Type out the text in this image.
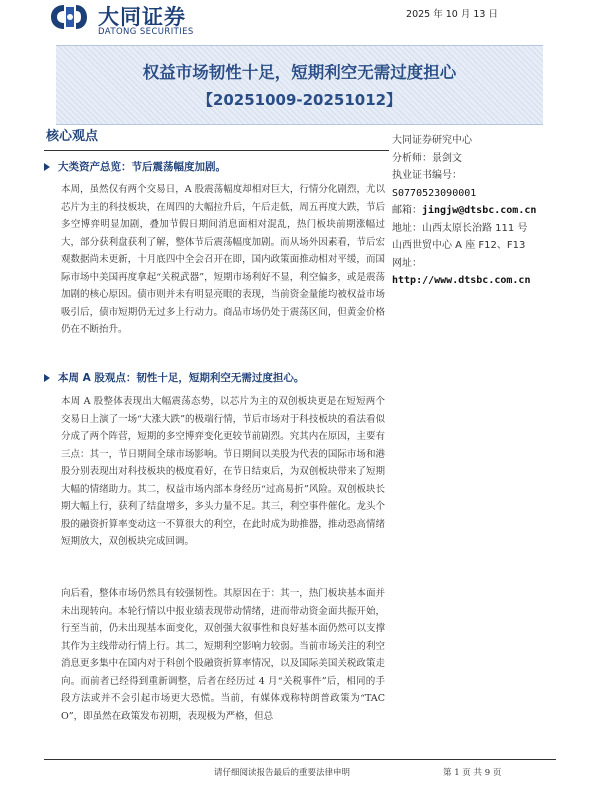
大同证券
DATONG SECURITIES
2025 年 10 月 13 日
权益市场韧性十足，短期利空无需过度担心
【20251009-20251012】
核心观点
大类资产总览：节后震荡幅度加剧。

本周，虽然仅有两个交易日，A 股震荡幅度却相对巨大，行情分化剧烈，尤以芯片为主的科技板块，在周四的大幅拉升后，午后走低，周五再度大跌，节后多空博弈明显加剧，叠加节假日期间消息面相对混乱，热门板块前期涨幅过大，部分获利盘获利了解，整体节后震荡幅度加剧。而从场外因素看，节后宏观数据尚未更新，十月底四中全会召开在即，国内政策面推动相对平缓，而国际市场中美国再度拿起“关税武器”，短期市场利好不显，利空偏多，或是震荡加剧的核心原因。债市则并未有明显亮眼的表现，当前资金量能均被权益市场吸引后，债市短期仍无过多上行动力。商品市场仍处于震荡区间，但黄金价格仍在不断抬升。

本周 A 股观点：韧性十足，短期利空无需过度担心。

本周 A 股整体表现出大幅震荡态势，以芯片为主的双创板块更是在短短两个交易日上演了一场“大涨大跌”的极端行情，节后市场对于科技板块的看法看似分成了两个阵营，短期的多空博弈变化更较节前剧烈。究其内在原因，主要有三点：其一，节日期间全球市场影响。节日期间以美股为代表的国际市场和港股分别表现出对科技板块的极度看好，在节日结束后，为双创板块带来了短期大幅的情绪助力。其二，权益市场内部本身经历“过高易折”风险。双创板块长期大幅上行，获利了结盘增多，多头力量不足。其三，利空事件催化。龙头个股的融资折算率变动这一不算很大的利空，在此时成为助推器，推动恐高情绪短期放大，双创板块完成回调。

向后看，整体市场仍然具有较强韧性。其原因在于：其一，热门板块基本面并未出现转向。本轮行情以中报业绩表现带动情绪，进而带动资金面共振开始，行至当前，仍未出现基本面变化，双创强大叙事性和良好基本面仍然可以支撑其作为主线带动行情上行。其二，短期利空影响力较弱。当前市场关注的利空消息更多集中在国内对于科创个股融资折算率情况，以及国际美国关税政策走向。而前者已经得到重新调整，后者在经历过 4 月“关税事件”后，相同的手段方法或并不会引起市场更大恐慌。当前，有媒体戏称特朗普政策为“TACO”，即虽然在政策发布初期，表现极为严格，但总

大同证券研究中心
分析师：景剑文
执业证书编号：
S0770523090001
邮箱：jingjw@dtsbc.com.cn
地址：山西太原长治路 111 号
山西世贸中心 A 座 F12、F13
网址：
http://www.dtsbc.com.cn
请仔细阅读报告最后的重要法律申明	第 1 页 共 9 页
